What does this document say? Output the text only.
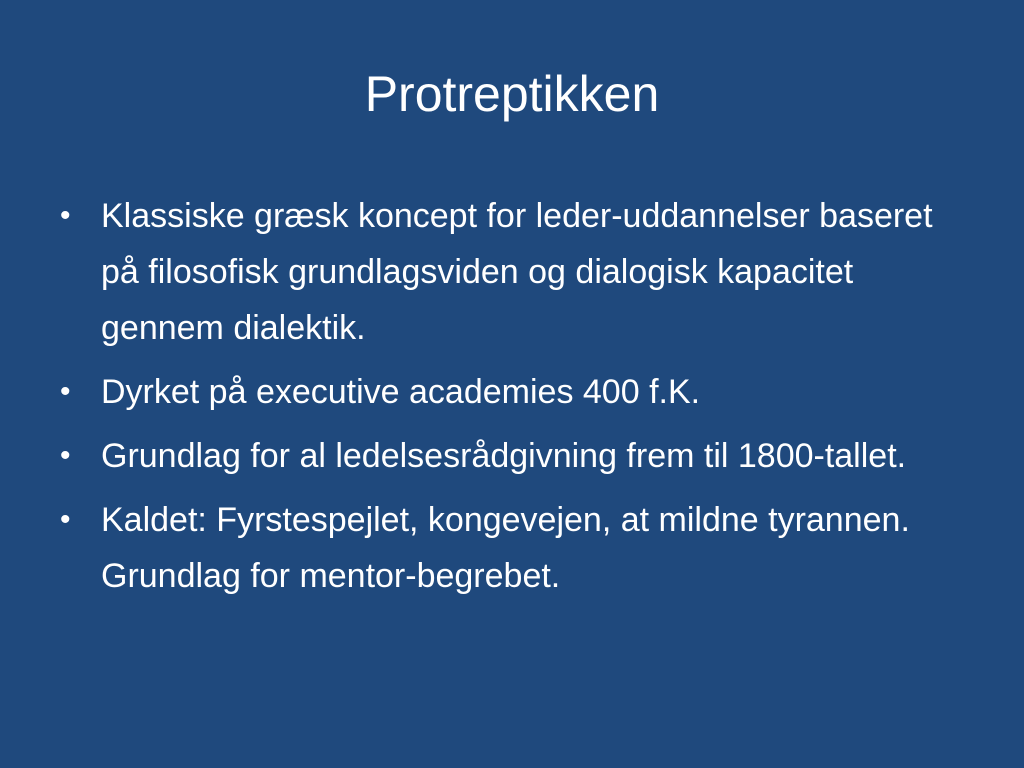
Protreptikken
• Klassiske græsk koncept for leder-uddannelser baseret på filosofisk grundlagsviden og dialogisk kapacitet gennem dialektik.
• Dyrket på executive academies 400 f.K.
• Grundlag for al ledelsesrådgivning frem til 1800-tallet.
• Kaldet: Fyrstespejlet, kongevejen, at mildne tyrannen. Grundlag for mentor-begrebet.
